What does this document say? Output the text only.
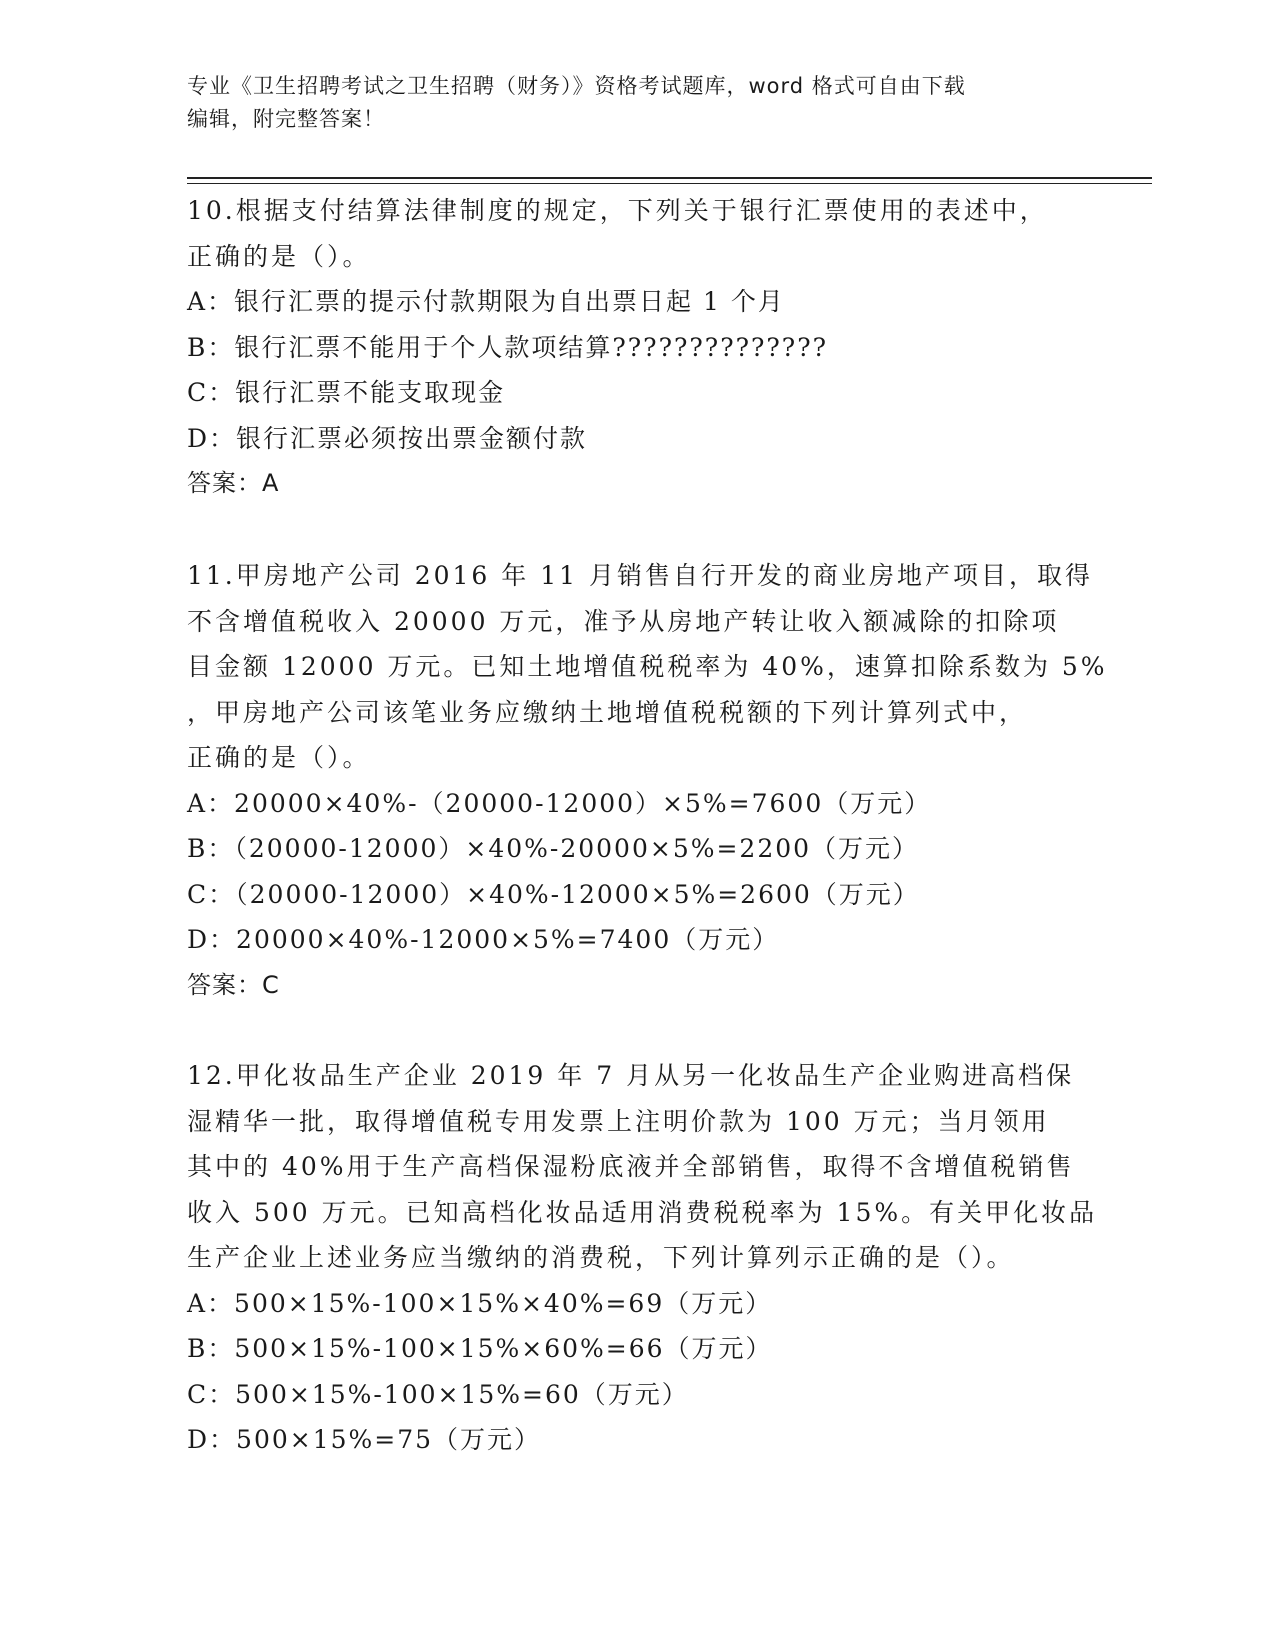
专业《卫生招聘考试之卫生招聘（财务）》资格考试题库，word 格式可自由下载
编辑，附完整答案！
10.根据支付结算法律制度的规定，下列关于银行汇票使用的表述中，
正确的是（）。
A：银行汇票的提示付款期限为自出票日起 1 个月
B：银行汇票不能用于个人款项结算??????????????
C：银行汇票不能支取现金
D：银行汇票必须按出票金额付款
答案：A
11.甲房地产公司 2016 年 11 月销售自行开发的商业房地产项目，取得
不含增值税收入 20000 万元，准予从房地产转让收入额减除的扣除项
目金额 12000 万元。已知土地增值税税率为 40%，速算扣除系数为 5%
，甲房地产公司该笔业务应缴纳土地增值税税额的下列计算列式中，
正确的是（）。
A：20000×40%-（20000-12000）×5%=7600（万元）
B：（20000-12000）×40%-20000×5%=2200（万元）
C：（20000-12000）×40%-12000×5%=2600（万元）
D：20000×40%-12000×5%=7400（万元）
答案：C
12.甲化妆品生产企业 2019 年 7 月从另一化妆品生产企业购进高档保
湿精华一批，取得增值税专用发票上注明价款为 100 万元；当月领用
其中的 40%用于生产高档保湿粉底液并全部销售，取得不含增值税销售
收入 500 万元。已知高档化妆品适用消费税税率为 15%。有关甲化妆品
生产企业上述业务应当缴纳的消费税，下列计算列示正确的是（）。
A：500×15%-100×15%×40%=69（万元）
B：500×15%-100×15%×60%=66（万元）
C：500×15%-100×15%=60（万元）
D：500×15%=75（万元）
